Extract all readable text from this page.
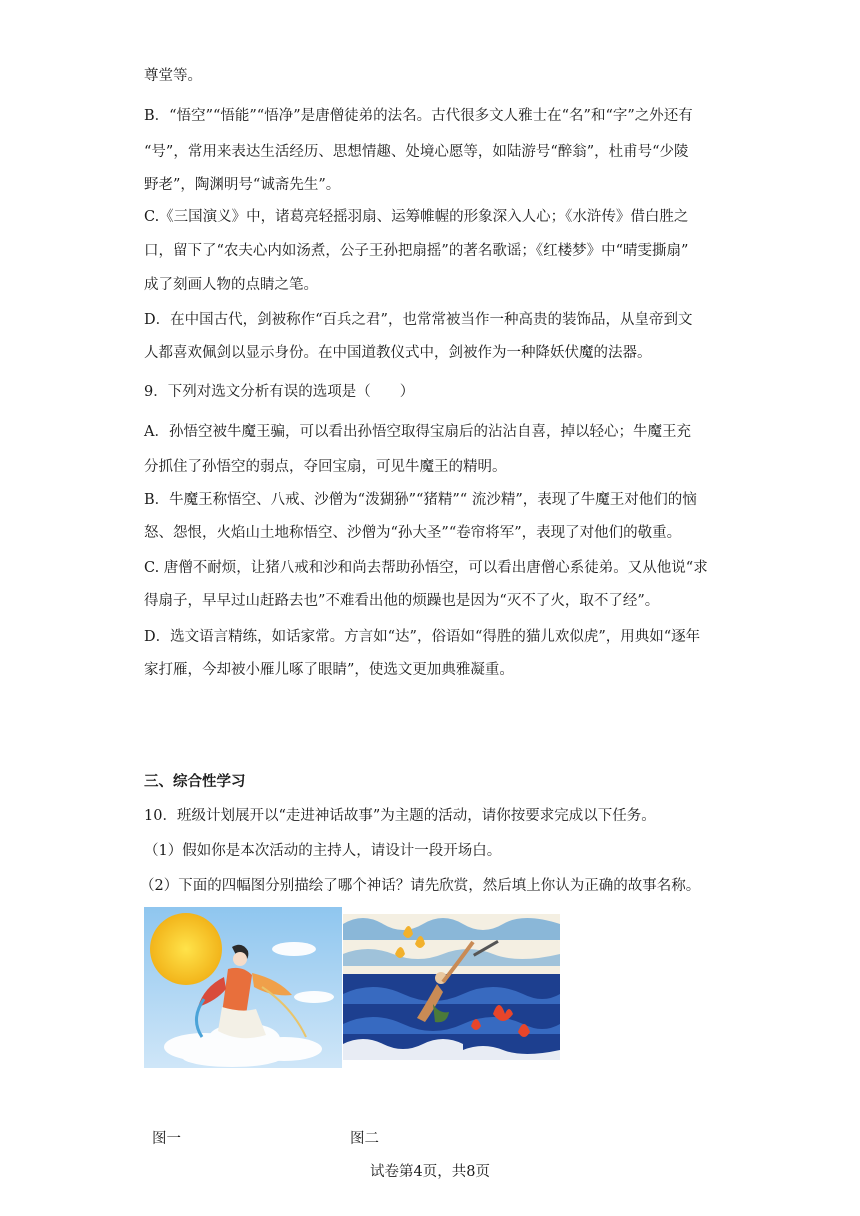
尊堂等。
B．“悟空”“悟能”“悟净”是唐僧徒弟的法名。古代很多文人雅士在“名”和“字”之外还有
“号”，常用来表达生活经历、思想情趣、处境心愿等，如陆游号“醉翁”，杜甫号“少陵
野老”，陶渊明号“诚斋先生”。
C.《三国演义》中，诸葛亮轻摇羽扇、运筹帷幄的形象深入人心；《水浒传》借白胜之
口，留下了“农夫心内如汤煮，公子王孙把扇摇”的著名歌谣；《红楼梦》中“晴雯撕扇”
成了刻画人物的点睛之笔。
D．在中国古代，剑被称作“百兵之君”，也常常被当作一种高贵的装饰品，从皇帝到文
人都喜欢佩剑以显示身份。在中国道教仪式中，剑被作为一种降妖伏魔的法器。
9．下列对选文分析有误的选项是（　　）
A．孙悟空被牛魔王骗，可以看出孙悟空取得宝扇后的沾沾自喜，掉以轻心；牛魔王充
分抓住了孙悟空的弱点，夺回宝扇，可见牛魔王的精明。
B．牛魔王称悟空、八戒、沙僧为“泼猢狲”“猪精”“ 流沙精”，表现了牛魔王对他们的恼
怒、怨恨，火焰山土地称悟空、沙僧为“孙大圣”“卷帘将军”，表现了对他们的敬重。
C. 唐僧不耐烦，让猪八戒和沙和尚去帮助孙悟空，可以看出唐僧心系徒弟。又从他说“求
得扇子，早早过山赶路去也”不难看出他的烦躁也是因为“灭不了火，取不了经”。
D．选文语言精练，如话家常。方言如“达”，俗语如“得胜的猫儿欢似虎”，用典如“逐年
家打雁，今却被小雁儿啄了眼睛”，使选文更加典雅凝重。
三、综合性学习
10．班级计划展开以“走进神话故事”为主题的活动，请你按要求完成以下任务。
（1）假如你是本次活动的主持人，请设计一段开场白。
（2）下面的四幅图分别描绘了哪个神话？请先欣赏，然后填上你认为正确的故事名称。
图一	图二
试卷第4页，共8页
